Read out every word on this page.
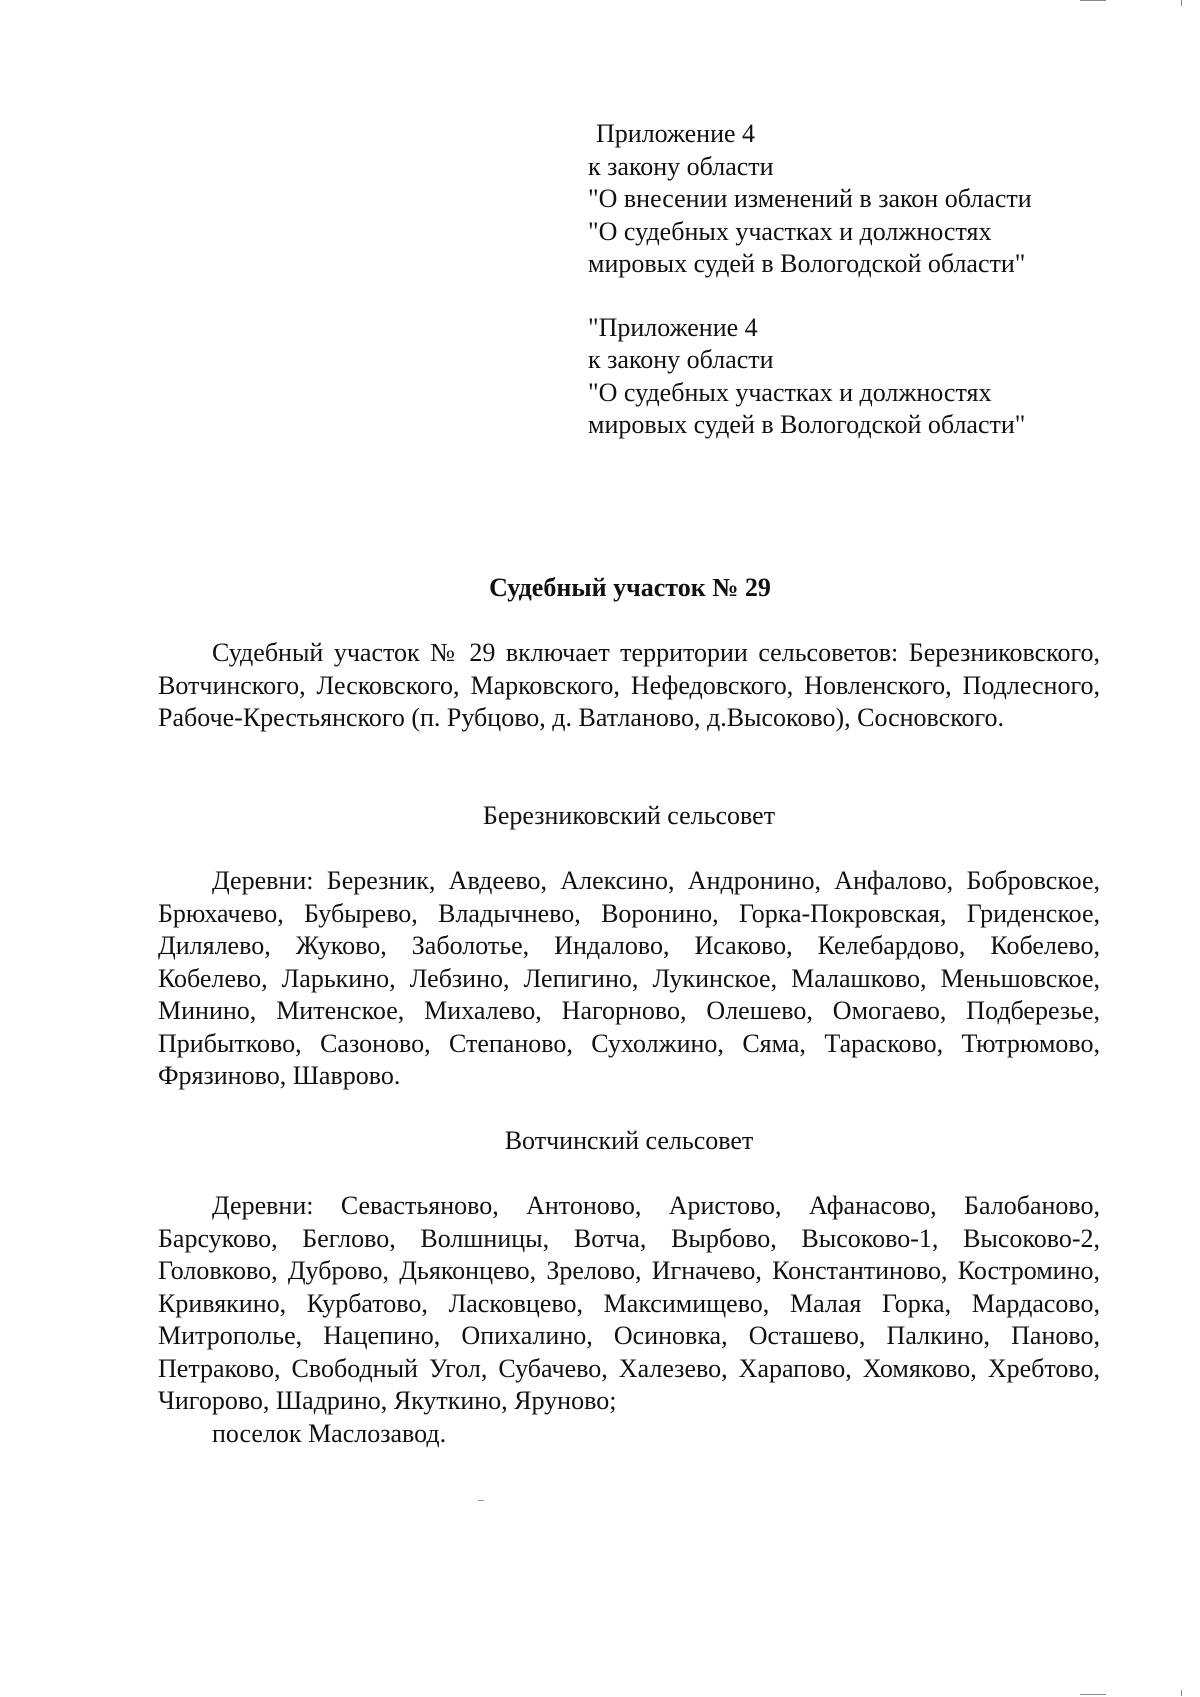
Приложение 4
к закону области
"О внесении изменений в закон области
"О судебных участках и должностях
мировых судей в Вологодской области"
"Приложение 4
к закону области
"О судебных участках и должностях
мировых судей в Вологодской области"
Судебный участок № 29

Судебный участок № 29 включает территории сельсоветов: Березниковского, Вотчинского, Лесковского, Марковского, Нефедовского, Новленского, Подлесного, Рабоче-Крестьянского (п. Рубцово, д. Ватланово, д.Высоково), Сосновского.

Березниковский сельсовет

Деревни: Березник, Авдеево, Алексино, Андронино, Анфалово, Бобровское, Брюхачево, Бубырево, Владычнево, Воронино, Горка-Покровская, Гриденское, Дилялево, Жуково, Заболотье, Индалово, Исаково, Келебардово, Кобелево, Кобелево, Ларькино, Лебзино, Лепигино, Лукинское, Малашково, Меньшовское, Минино, Митенское, Михалево, Нагорново, Олешево, Омогаево, Подберезье, Прибытково, Сазоново, Степаново, Сухолжино, Сяма, Тарасково, Тютрюмово, Фрязиново, Шаврово.

Вотчинский сельсовет

Деревни: Севастьяново, Антоново, Аристово, Афанасово, Балобаново, Барсуково, Беглово, Волшницы, Вотча, Вырбово, Высоково-1, Высоково-2, Головково, Дуброво, Дьяконцево, Зрелово, Игначево, Константиново, Костромино, Кривякино, Курбатово, Ласковцево, Максимищево, Малая Горка, Мардасово, Митрополье, Нацепино, Опихалино, Осиновка, Осташево, Палкино, Паново, Петраково, Свободный Угол, Субачево, Халезево, Харапово, Хомяково, Хребтово, Чигорово, Шадрино, Якуткино, Яруново;

поселок Маслозавод.
